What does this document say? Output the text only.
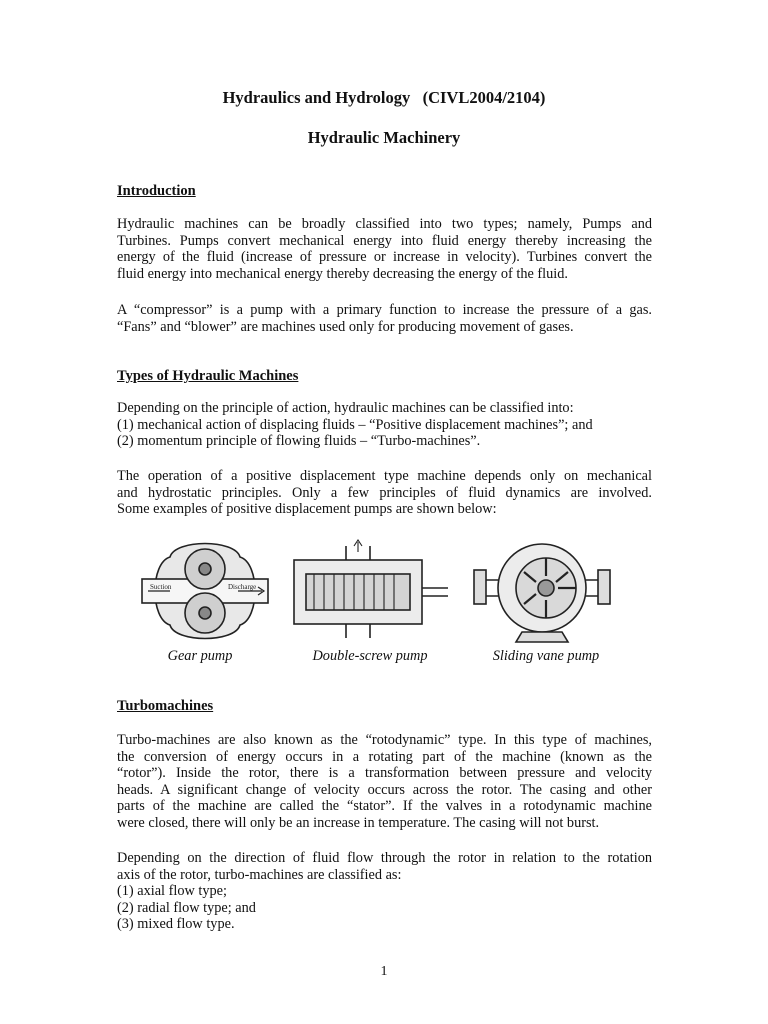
Hydraulics and Hydrology   (CIVL2004/2104)
Hydraulic Machinery
Introduction
Hydraulic machines can be broadly classified into two types; namely, Pumps and
Turbines. Pumps convert mechanical energy into fluid energy thereby increasing the
energy of the fluid (increase of pressure or increase in velocity). Turbines convert the
fluid energy into mechanical energy thereby decreasing the energy of the fluid.
A “compressor” is a pump with a primary function to increase the pressure of a gas.
“Fans” and “blower” are machines used only for producing movement of gases.
Types of Hydraulic Machines
Depending on the principle of action, hydraulic machines can be classified into:
(1) mechanical action of displacing fluids – “Positive displacement machines”; and
(2) momentum principle of flowing fluids – “Turbo-machines”.
The operation of a positive displacement type machine depends only on mechanical
and hydrostatic principles. Only a few principles of fluid dynamics are involved.
Some examples of positive displacement pumps are shown below:
Suction	Discharge
Gear pump	Double-screw pump	Sliding vane pump
Turbomachines
Turbo-machines are also known as the “rotodynamic” type. In this type of machines,
the conversion of energy occurs in a rotating part of the machine (known as the
“rotor”). Inside the rotor, there is a transformation between pressure and velocity
heads. A significant change of velocity occurs across the rotor. The casing and other
parts of the machine are called the “stator”. If the valves in a rotodynamic machine
were closed, there will only be an increase in temperature. The casing will not burst.
Depending on the direction of fluid flow through the rotor in relation to the rotation
axis of the rotor, turbo-machines are classified as:
(1) axial flow type;
(2) radial flow type; and
(3) mixed flow type.
1
